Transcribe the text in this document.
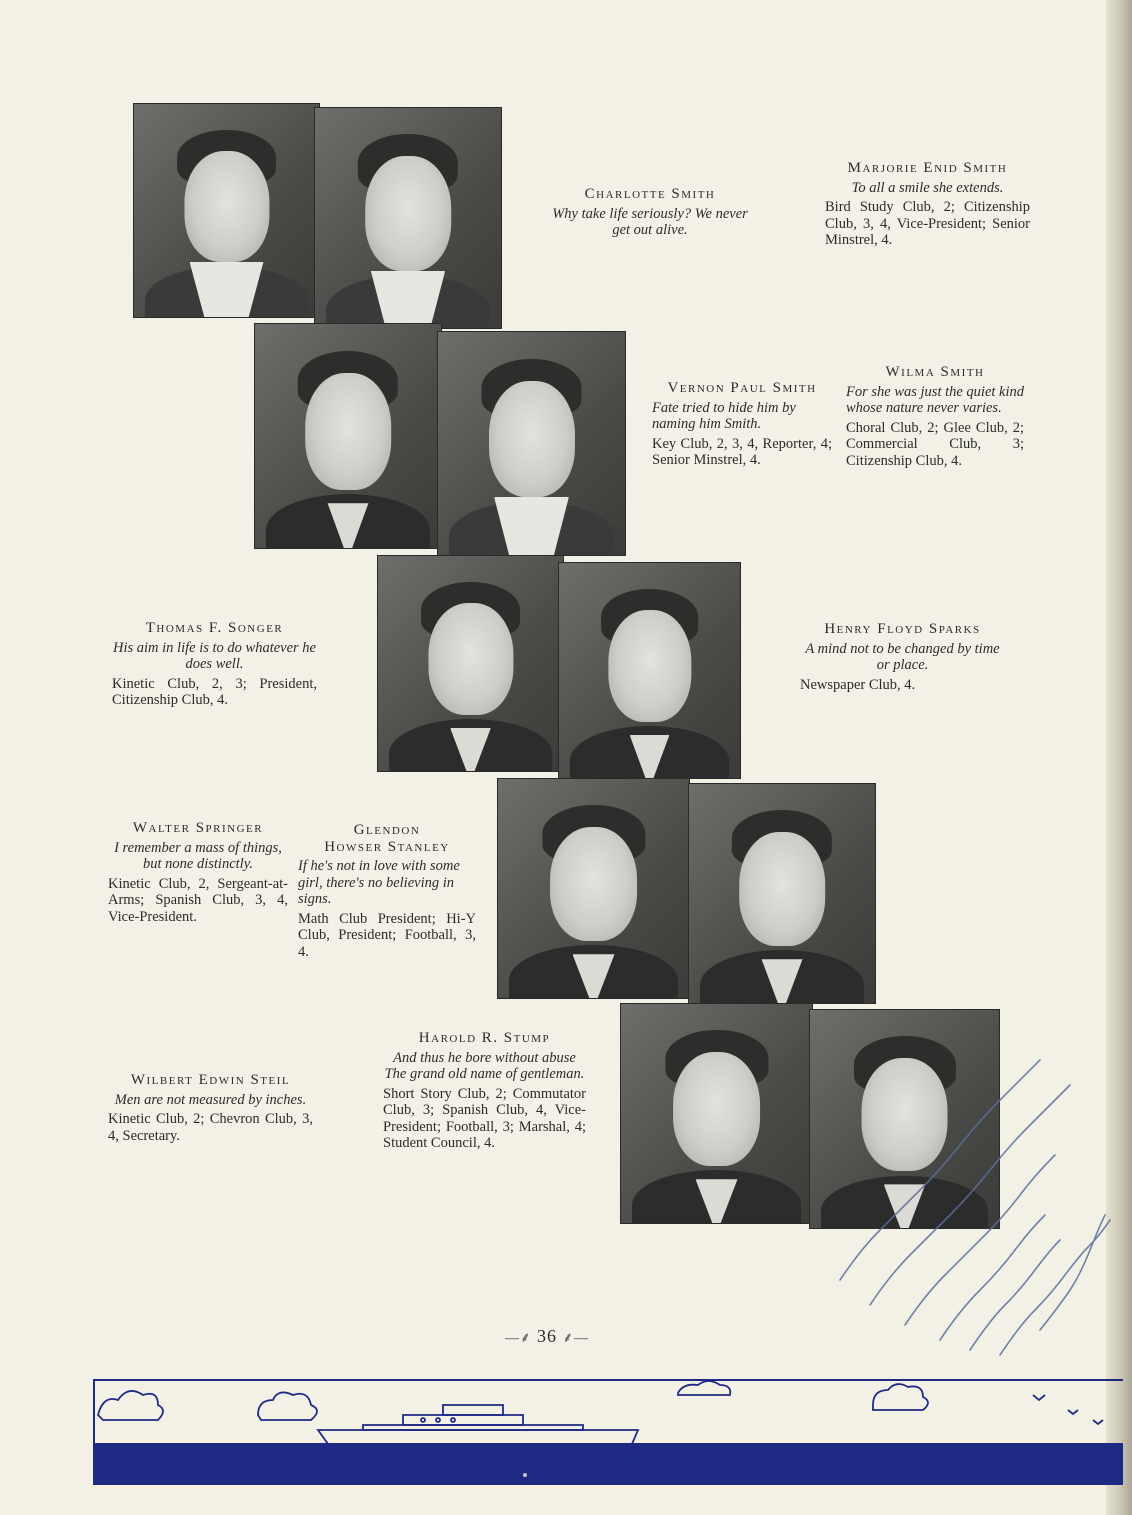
Charlotte Smith
Why take life seriously? We never get out alive.
Marjorie Enid Smith
To all a smile she extends.
Bird Study Club, 2; Citizenship Club, 3, 4, Vice-President; Senior Minstrel, 4.
Vernon Paul Smith
Fate tried to hide him by naming him Smith.
Key Club, 2, 3, 4, Reporter, 4; Senior Minstrel, 4.
Wilma Smith
For she was just the quiet kind whose nature never varies.
Choral Club, 2; Glee Club, 2; Commercial Club, 3; Citizenship Club, 4.
Thomas F. Songer
His aim in life is to do whatever he does well.
Kinetic Club, 2, 3; President, Citizenship Club, 4.
Henry Floyd Sparks
A mind not to be changed by time or place.
Newspaper Club, 4.
Walter Springer
I remember a mass of things, but none distinctly.
Kinetic Club, 2, Sergeant-at-Arms; Spanish Club, 3, 4, Vice-President.
Glendon
Howser Stanley
If he's not in love with some girl, there's no believing in signs.
Math Club President; Hi-Y Club, President; Football, 3, 4.
Wilbert Edwin Steil
Men are not measured by inches.
Kinetic Club, 2; Chevron Club, 3, 4, Secretary.
Harold R. Stump
And thus he bore without abuse
The grand old name of gentleman.
Short Story Club, 2; Commutator Club, 3; Spanish Club, 4, Vice-President; Football, 3; Marshal, 4; Student Council, 4.
—⸙ 36 ⸙—
